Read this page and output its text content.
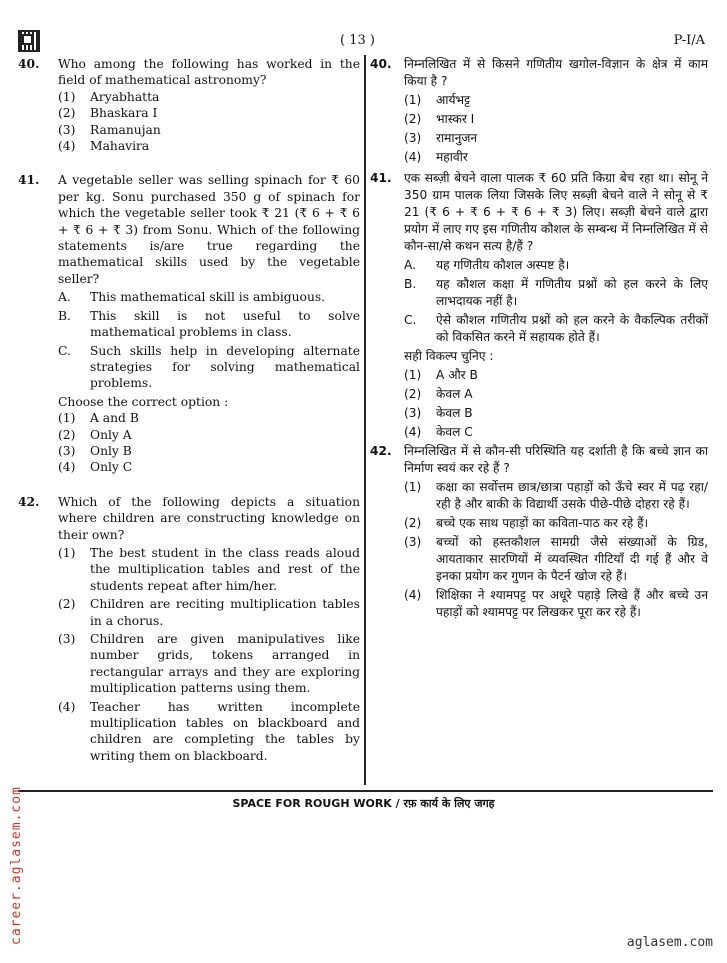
( 13 )	P-I/A
40.	Who among the following has worked in the field of mathematical astronomy?
(1)	Aryabhatta
(2)	Bhaskara I
(3)	Ramanujan
(4)	Mahavira
41.	A vegetable seller was selling spinach for ₹ 60 per kg. Sonu purchased 350 g of spinach for which the vegetable seller took ₹ 21 (₹ 6 + ₹ 6 + ₹ 6 + ₹ 3) from Sonu. Which of the following statements is/are true regarding the mathematical skills used by the vegetable seller?
A.	This mathematical skill is ambiguous.
B.	This skill is not useful to solve mathematical problems in class.
C.	Such skills help in developing alternate strategies for solving mathematical problems.
Choose the correct option :
(1)	A and B
(2)	Only A
(3)	Only B
(4)	Only C
42.	Which of the following depicts a situation where children are constructing knowledge on their own?
(1)	The best student in the class reads aloud the multiplication tables and rest of the students repeat after him/her.
(2)	Children are reciting multiplication tables in a chorus.
(3)	Children are given manipulatives like number grids, tokens arranged in rectangular arrays and they are exploring multiplication patterns using them.
(4)	Teacher has written incomplete multiplication tables on blackboard and children are completing the tables by writing them on blackboard.
40.	निम्नलिखित में से किसने गणितीय खगोल-विज्ञान के क्षेत्र में काम किया है ?
(1)	आर्यभट्ट
(2)	भास्कर I
(3)	रामानुजन
(4)	महावीर
41.	एक सब्ज़ी बेचने वाला पालक ₹ 60 प्रति किग्रा बेच रहा था। सोनू ने 350 ग्राम पालक लिया जिसके लिए सब्ज़ी बेचने वाले ने सोनू से ₹ 21 (₹ 6 + ₹ 6 + ₹ 6 + ₹ 3) लिए। सब्ज़ी बेचने वाले द्वारा प्रयोग में लाए गए इस गणितीय कौशल के सम्बन्ध में निम्नलिखित में से कौन-सा/से कथन सत्य है/हैं ?
A.	यह गणितीय कौशल अस्पष्ट है।
B.	यह कौशल कक्षा में गणितीय प्रश्नों को हल करने के लिए लाभदायक नहीं है।
C.	ऐसे कौशल गणितीय प्रश्नों को हल करने के वैकल्पिक तरीकों को विकसित करने में सहायक होते हैं।
सही विकल्प चुनिए :
(1)	A और B
(2)	केवल A
(3)	केवल B
(4)	केवल C
42.	निम्नलिखित में से कौन-सी परिस्थिति यह दर्शाती है कि बच्चे ज्ञान का निर्माण स्वयं कर रहे हैं ?
(1)	कक्षा का सर्वोत्तम छात्र/छात्रा पहाड़ों को ऊँचे स्वर में पढ़ रहा/रही है और बाकी के विद्यार्थी उसके पीछे-पीछे दोहरा रहे हैं।
(2)	बच्चे एक साथ पहाड़ों का कविता-पाठ कर रहे हैं।
(3)	बच्चों को हस्तकौशल सामग्री जैसे संख्याओं के ग्रिड, आयताकार सारणियों में व्यवस्थित गीटियाँ दी गई हैं और वे इनका प्रयोग कर गुणन के पैटर्न खोज रहे हैं।
(4)	शिक्षिका ने श्यामपट्ट पर अधूरे पहाड़े लिखे हैं और बच्चे उन पहाड़ों को श्यामपट्ट पर लिखकर पूरा कर रहे हैं।
SPACE FOR ROUGH WORK / रफ़ कार्य के लिए जगह
career.aglasem.com	aglasem.com
